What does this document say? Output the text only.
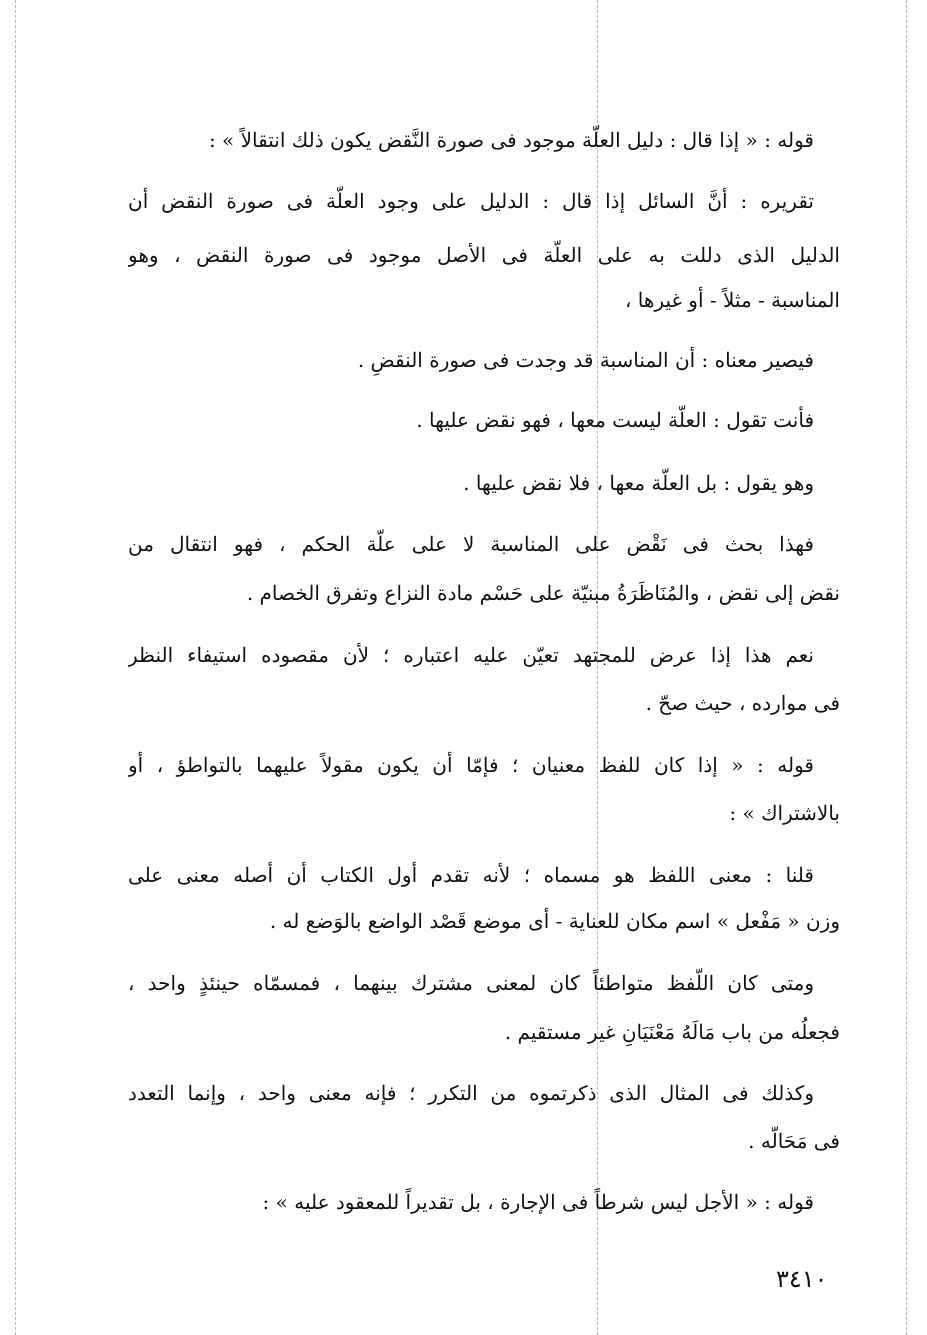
قوله : « إذا قال : دليل العلّة موجود فى صورة النَّقض يكون ذلك انتقالاً » :
تقريره : أنَّ السائل إذا قال : الدليل على وجود العلّة فى صورة النقض أن
الدليل الذى دللت به على العلّة فى الأصل موجود فى صورة النقض ، وهو
المناسبة - مثلاً - أو غيرها ،
فيصير معناه : أن المناسبة قد وجدت فى صورة النقضِ .
فأنت تقول : العلّة ليست معها ، فهو نقض عليها .
وهو يقول : بل العلّة معها ، فلا نقض عليها .
فهذا بحث فى نَقْض على المناسبة لا على علّة الحكم ، فهو انتقال من
نقض إلى نقض ، والمُنَاظَرَةُ مبنيّة على حَسْم مادة النزاع وتفرق الخصام .
نعم هذا إذا عرض للمجتهد تعيّن عليه اعتباره ؛ لأن مقصوده استيفاء النظر
فى موارده ، حيث صحّ .
قوله : « إذا كان للفظ معنيان ؛ فإمّا أن يكون مقولاً عليهما بالتواطؤ ، أو
بالاشتراك » :
قلنا : معنى اللفظ هو مسماه ؛ لأنه تقدم أول الكتاب أن أصله معنى على
وزن « مَفْعل » اسم مكان للعناية - أى موضع قَصْد الواضع بالوَضع له .
ومتى كان اللَّفظ متواطئاً كان لمعنى مشترك بينهما ، فمسمّاه حينئذٍ واحد ،
فجعلُه من باب مَالَهُ مَعْنَيَانِ غير مستقيم .
وكذلك فى المثال الذى ذكرتموه من التكرر ؛ فإنه معنى واحد ، وإنما التعدد
فى مَحَالّه .
قوله : « الأجل ليس شرطاً فى الإجارة ، بل تقديراً للمعقود عليه » :
٣٤١٠
